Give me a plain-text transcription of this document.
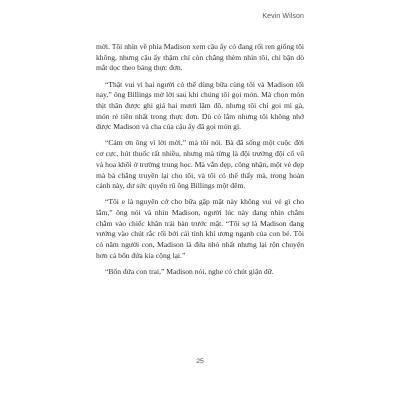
Kevin Wilson

mời. Tôi nhìn về phía Madison xem cậu ấy có đang rối ren giống tôi không, nhưng cậu ấy thậm chí còn chẳng thèm nhìn tôi, chỉ bận dò mắt dọc theo bảng thực đơn.

“Thật vui vì hai người có thể dùng bữa cùng tôi và Madison tối nay,” ông Billings mở lời sau khi chúng tôi gọi món. Mà chọn món thịt thăn được ghi giá hai mươi lăm đô, nhưng tôi chỉ gọi mì gà, món rẻ tiền nhất trong thực đơn. Dù có lắm nhưng tôi không nhớ được Madison và cha của cậu ấy đã gọi món gì.

“Cảm ơn ông vì lời mời,” mà tôi nói. Bà đã sống một cuộc đời cơ cực, hút thuốc rất nhiều, nhưng mà từng là đội trưởng đội cổ vũ và hoa khôi ở trường trung học. Mà vẫn đẹp, công nhận, một vẻ đẹp mà bà chẳng truyền lại cho tôi, và tôi có thể thấy mà, trong hoàn cảnh này, dư sức quyến rũ ông Billings một đêm.

“Tôi e là nguyên cớ cho bữa gặp mặt này không vui vẻ gì cho lắm,” ông nói và nhìn Madison, người lúc này đang nhìn chằm chằm vào chiếc khăn trải bàn trước mặt. “Tôi sợ là Madison đang vướng vào chút rắc rối bởi cái tính khí ương ngạnh của con bé. Tôi có năm người con, Madison là đứa nhỏ nhất nhưng lại rộn chuyện hơn cả bốn đứa kia cộng lại.”

“Bốn đứa con trai,” Madison nói, nghe có chút giận dữ.

25
